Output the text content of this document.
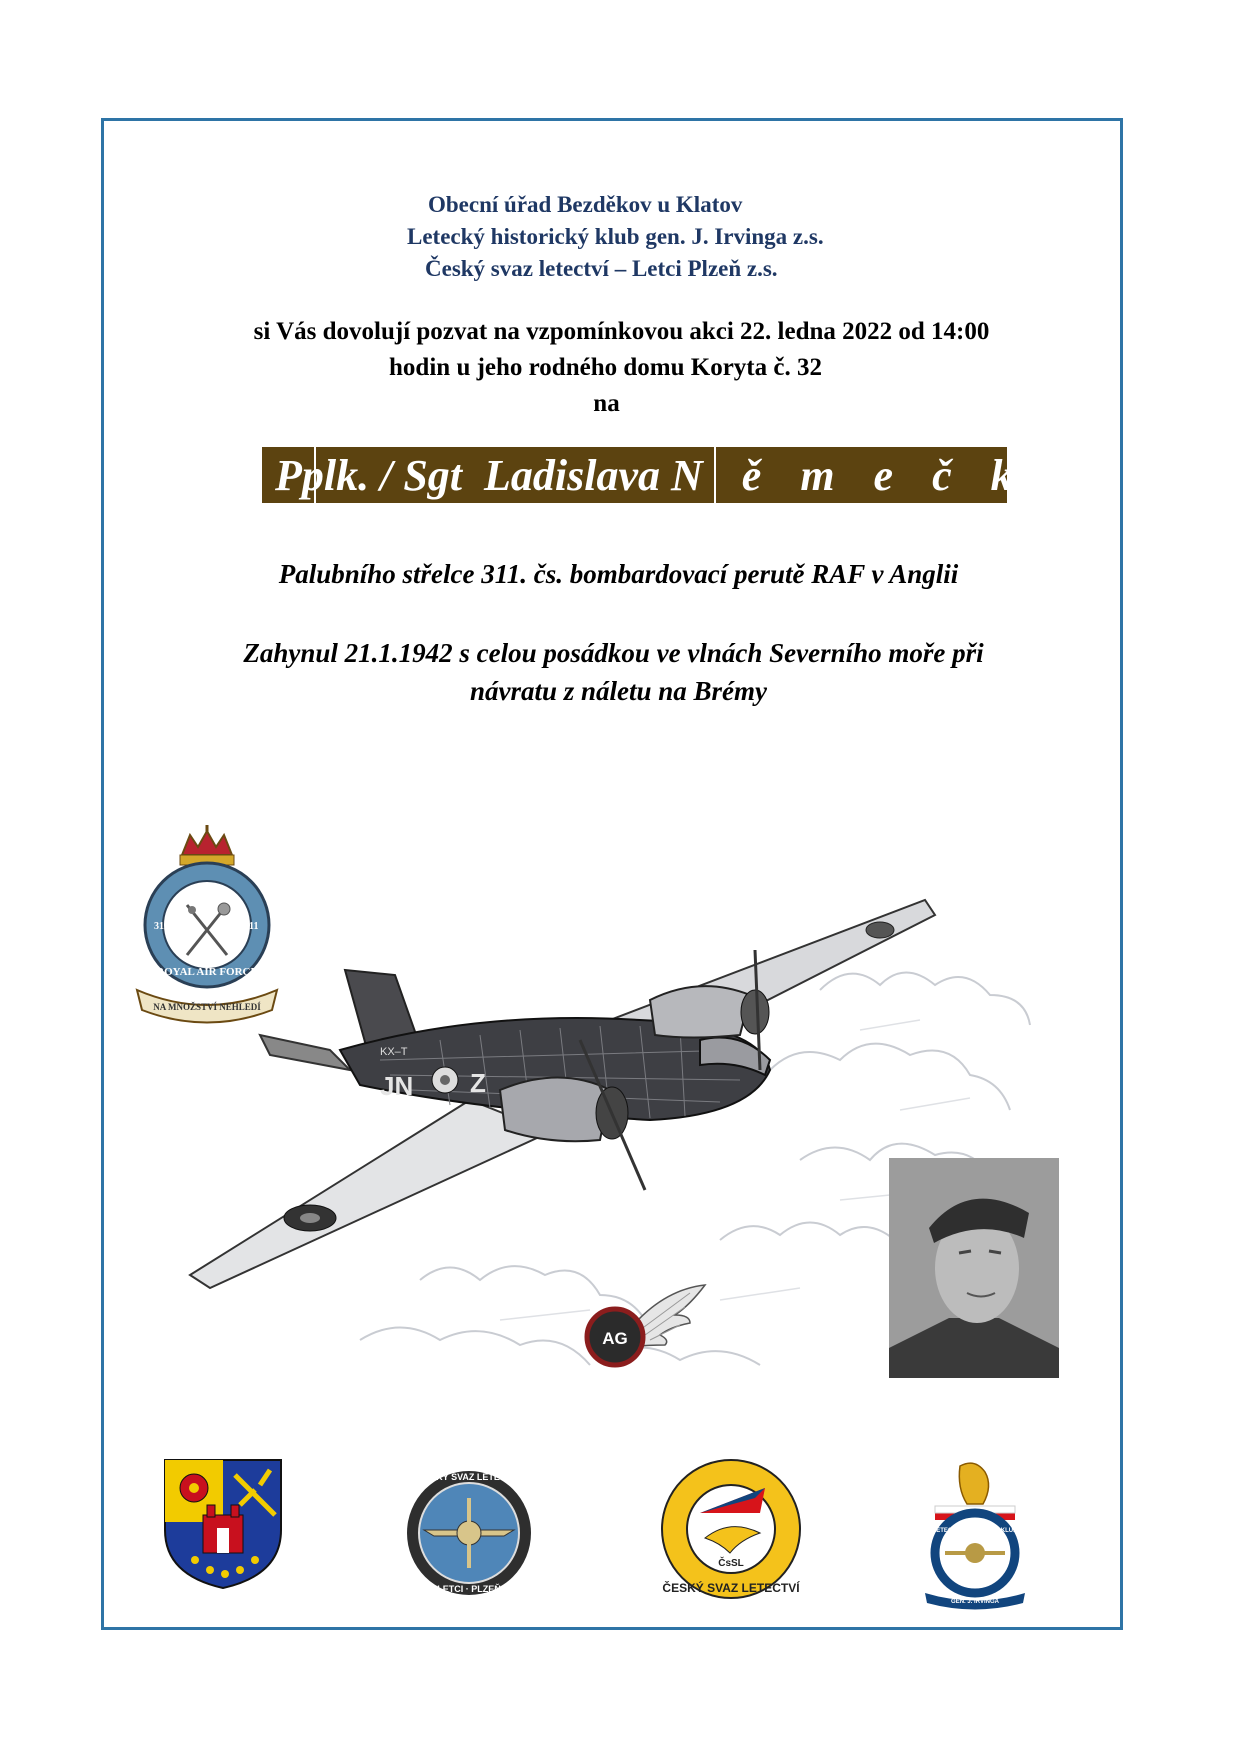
Obecní úřad Bezděkov u Klatov
Letecký historický klub gen. J. Irvinga z.s.
Český svaz letectví – Letci Plzeň z.s.
si Vás dovolují pozvat na vzpomínkovou akci 22. ledna 2022 od 14:00
hodin u jeho rodného domu Koryta č. 32
na
Pplk. / Sgt Ladislava N ě m e č k a
Palubního střelce 311. čs. bombardovací perutě RAF v Anglii
Zahynul 21.1.1942 s celou posádkou ve vlnách Severního moře při
návratu z náletu na Brémy
KX–T
JN Z
311	311
ROYAL AIR FORCE
NA MNOŽSTVÍ NEHLEDÍ
AG
ČESKÝ SVAZ LETECTVÍ
LETCI · PLZEŇ
ČsSL
ČESKÝ SVAZ LETECTVÍ
LETECKÝ HISTORICKÝ KLUB
GEN. J. IRVINGA
